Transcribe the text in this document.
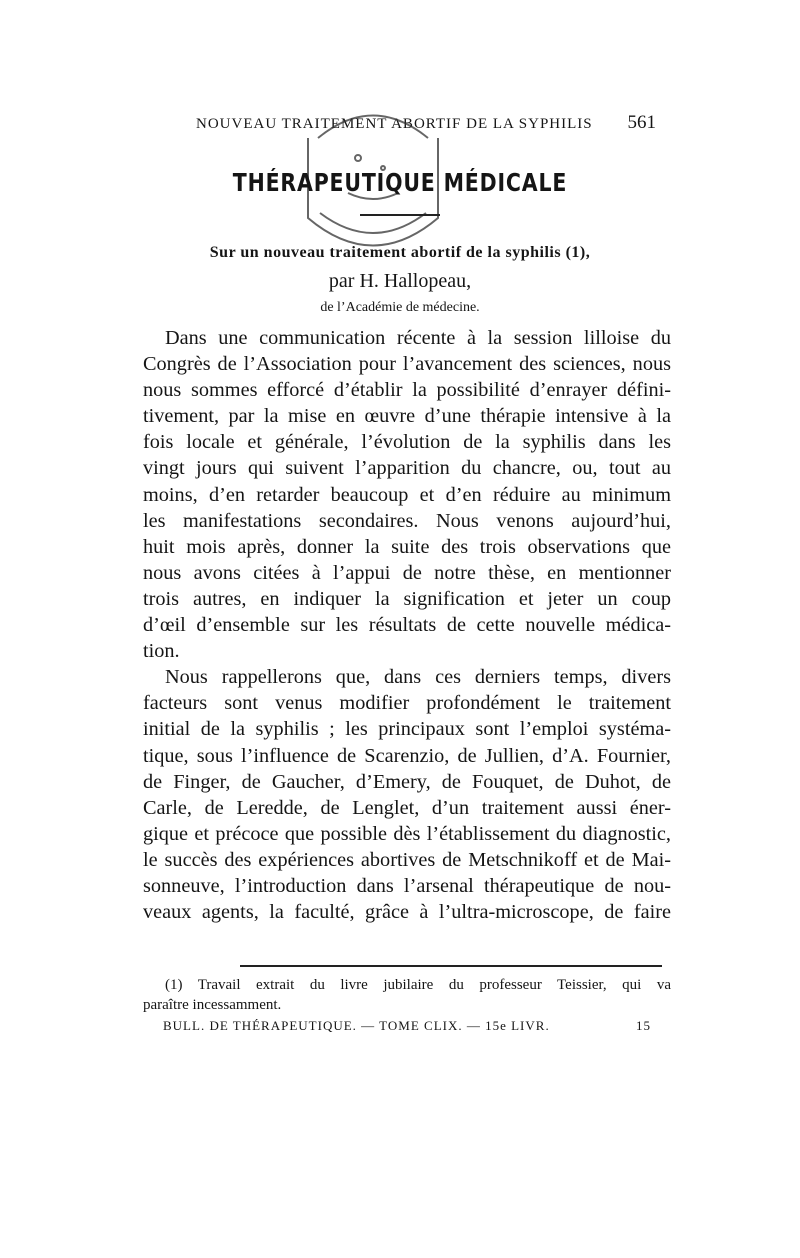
NOUVEAU TRAITEMENT ABORTIF DE LA SYPHILIS 561
THÉRAPEUTIQUE MÉDICALE
Sur un nouveau traitement abortif de la syphilis (1),
par H. Hallopeau,
de l’Académie de médecine.

Dans une communication récente à la session lilloise du
Congrès de l’Association pour l’avancement des sciences, nous
nous sommes efforcé d’établir la possibilité d’enrayer défini-
tivement, par la mise en œuvre d’une thérapie intensive à la
fois locale et générale, l’évolution de la syphilis dans les
vingt jours qui suivent l’apparition du chancre, ou, tout au
moins, d’en retarder beaucoup et d’en réduire au minimum
les manifestations secondaires. Nous venons aujourd’hui,
huit mois après, donner la suite des trois observations que
nous avons citées à l’appui de notre thèse, en mentionner
trois autres, en indiquer la signification et jeter un coup
d’œil d’ensemble sur les résultats de cette nouvelle médica-
tion.

Nous rappellerons que, dans ces derniers temps, divers
facteurs sont venus modifier profondément le traitement
initial de la syphilis ; les principaux sont l’emploi systéma-
tique, sous l’influence de Scarenzio, de Jullien, d’A. Fournier,
de Finger, de Gaucher, d’Emery, de Fouquet, de Duhot, de
Carle, de Leredde, de Lenglet, d’un traitement aussi éner-
gique et précoce que possible dès l’établissement du diagnostic,
le succès des expériences abortives de Metschnikoff et de Mai-
sonneuve, l’introduction dans l’arsenal thérapeutique de nou-
veaux agents, la faculté, grâce à l’ultra-microscope, de faire

(1) Travail extrait du livre jubilaire du professeur Teissier, qui va
paraître incessamment.
BULL. DE THÉRAPEUTIQUE. — TOME CLIX. — 15e LIVR.	15
